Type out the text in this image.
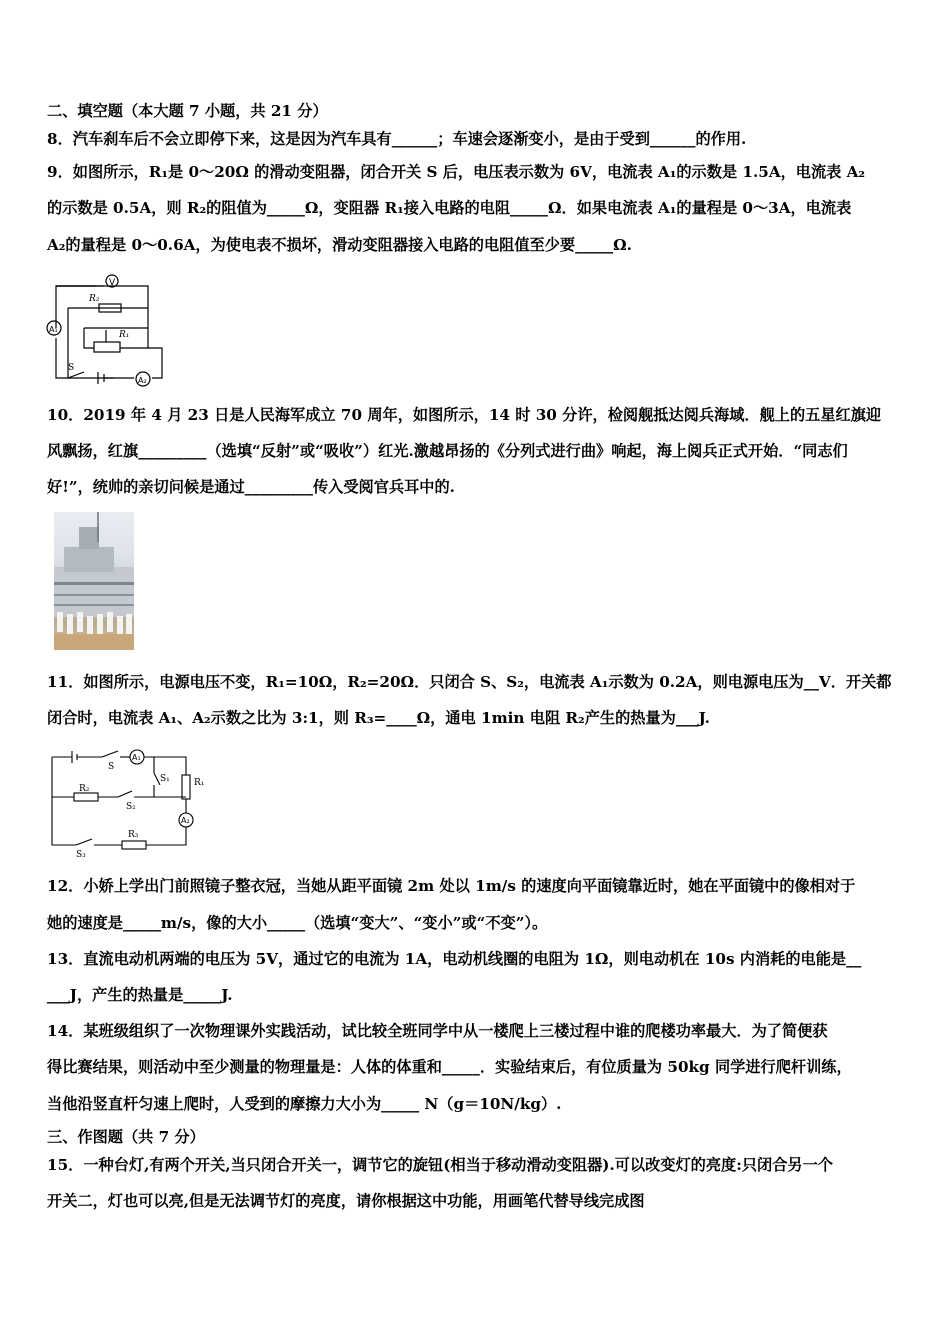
二、填空题（本大题 7 小题，共 21 分）
8．汽车刹车后不会立即停下来，这是因为汽车具有______；车速会逐渐变小，是由于受到______的作用.
9．如图所示，R₁是 0～20Ω 的滑动变阻器，闭合开关 S 后，电压表示数为 6V，电流表 A₁的示数是 1.5A，电流表 A₂
的示数是 0.5A，则 R₂的阻值为_____Ω，变阻器 R₁接入电路的电阻_____Ω．如果电流表 A₁的量程是 0～3A，电流表
A₂的量程是 0～0.6A，为使电表不损坏，滑动变阻器接入电路的电阻值至少要_____Ω.
V
R₂
R₁
A₁
A₂
S
10．2019 年 4 月 23 日是人民海军成立 70 周年，如图所示，14 时 30 分许，检阅舰抵达阅兵海域．舰上的五星红旗迎
风飘扬，红旗_________（选填“反射”或“吸收”）红光.激越昂扬的《分列式进行曲》响起，海上阅兵正式开始．“同志们
好!”，统帅的亲切问候是通过_________传入受阅官兵耳中的.
11．如图所示，电源电压不变，R₁=10Ω，R₂=20Ω．只闭合 S、S₂，电流表 A₁示数为 0.2A，则电源电压为__V．开关都
闭合时，电流表 A₁、A₂示数之比为 3:1，则 R₃=____Ω，通电 1min 电阻 R₂产生的热量为___J.
S
A₁
S₁	R₁
R₂
S₂
A₂
R₃
S₃
12．小娇上学出门前照镜子整衣冠，当她从距平面镜 2m 处以 1m/s 的速度向平面镜靠近时，她在平面镜中的像相对于
她的速度是_____m/s，像的大小_____（选填“变大”、“变小”或“不变”）。
13．直流电动机两端的电压为 5V，通过它的电流为 1A，电动机线圈的电阻为 1Ω，则电动机在 10s 内消耗的电能是__
___J，产生的热量是_____J.
14．某班级组织了一次物理课外实践活动，试比较全班同学中从一楼爬上三楼过程中谁的爬楼功率最大．为了简便获
得比赛结果，则活动中至少测量的物理量是：人体的体重和_____．实验结束后，有位质量为 50kg 同学进行爬杆训练，
当他沿竖直杆匀速上爬时，人受到的摩擦力大小为_____ N（g＝10N/kg）.
三、作图题（共 7 分）
15．一种台灯,有两个开关,当只闭合开关一，调节它的旋钮(相当于移动滑动变阻器).可以改变灯的亮度:只闭合另一个
开关二，灯也可以亮,但是无法调节灯的亮度，请你根据这中功能，用画笔代替导线完成图
